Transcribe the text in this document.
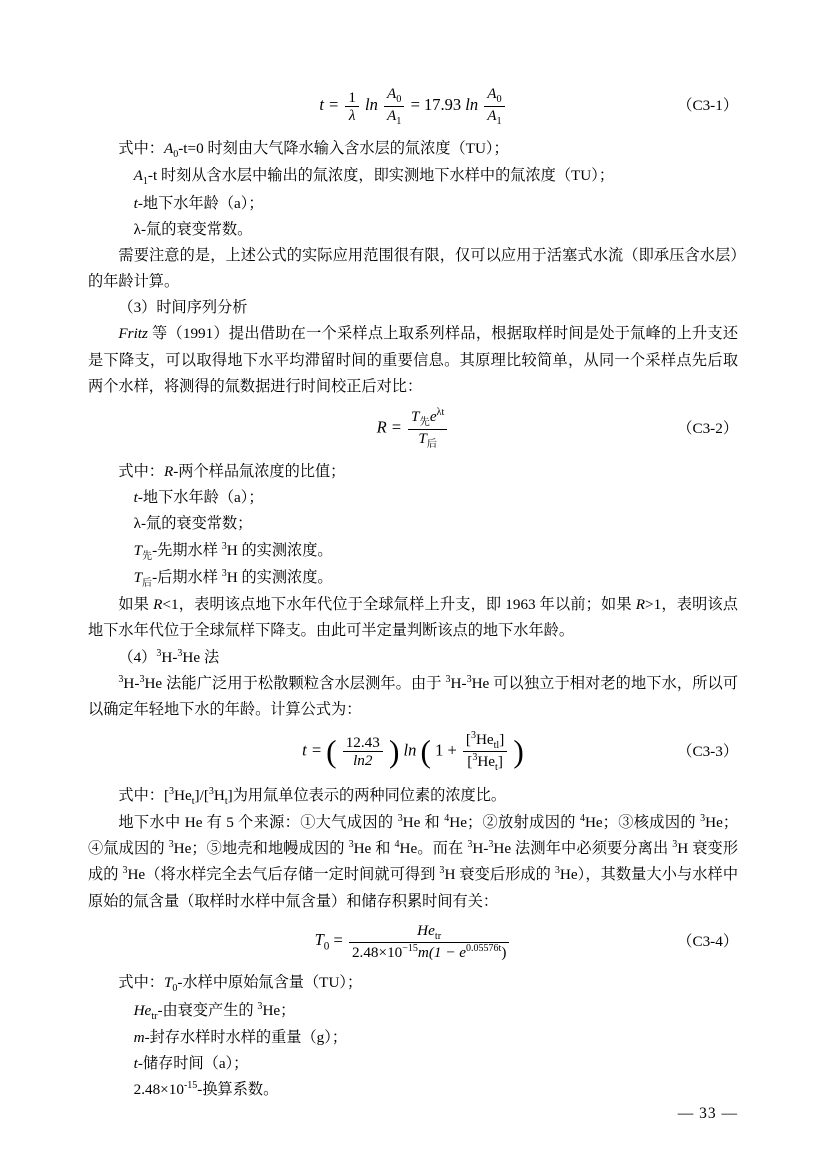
$t = \frac{1}{\lambda}$ $\ln \frac{A_0}{A_1} = 17.93$ $\ln \frac{A_0}{A_1}$	（C3-1）

式中：$A_0-t=0$ 时刻由大气降水输入含水层的氚浓度（TU）；

$A_1-t$ 时刻从含水层中输出的氚浓度，即实测地下水样中的氚浓度（TU）；

t-地下水年龄（a）；

λ-氚的衰变常数。

需要注意的是，上述公式的实际应用范围很有限，仅可以应用于活塞式水流（即承压含水层）的年龄计算。

（3）时间序列分析

Fritz 等（1991）提出借助在一个采样点上取系列样品，根据取样时间是处于氚峰的上升支还是下降支，可以取得地下水平均滞留时间的重要信息。其原理比较简单，从同一个采样点先后取两个水样，将测得的氚数据进行时间校正后对比：

$R = \frac{T_先e^{\lambda t}}{T_后}$	（C3-2）

式中：R-两个样品氚浓度的比值；

t-地下水年龄（a）；

λ-氚的衰变常数；

$T_先-$先期水样 $^3$H 的实测浓度。

$T_后-$后期水样 $^3$H 的实测浓度。

如果 R<1，表明该点地下水年代位于全球氚样上升支，即 1963 年以前；如果 R>1，表明该点地下水年代位于全球氚样下降支。由此可半定量判断该点的地下水年龄。

$(4)^3H-^3He$ 法

$^3$H-$^3$He 法能广泛用于松散颗粒含水层测年。由于 $^3$H-$^3$He 可以独立于相对老的地下水，所以可以确定年轻地下水的年龄。计算公式为：

t = ( $\frac{12.43}{\ln 2}$ ) ln ( $1 + \frac{[^3He_{tl}]}{[^3He_t]}$ )	（C3-3）

式中：$[^3He_t]/[^3H_t]$为用氚单位表示的两种同位素的浓度比。

地下水中 He 有 5 个来源：①大气成因的 $^3$He 和 $^4$He；②放射成因的 $^4$He；③核成因的 $^3$He；④氚成因的 $^3$He；⑤地壳和地幔成因的 $^3$He 和 $^4$He。而在 $^3$H-$^3$He 法测年中必须要分离出 $^3$H 衰变形成的 $^3$He（将水样完全去气后存储一定时间就可得到 $^3$H 衰变后形成的 $^3$He），其数量大小与水样中原始的氚含量（取样时水样中氚含量）和储存积累时间有关：

$T_0 = \frac{He_{tr}}{2.48\times 10^{-15}m(1 - e^{0.05576t})}$	（C3-4）

式中：$T_0-$水样中原始氚含量（TU）；

$He_{tr}-$由衰变产生的 $^3$He；

m-封存水样时水样的重量（g）；

t-储存时间（a）；

$2.48\times 10^{-15}-$换算系数。

— 33 —
